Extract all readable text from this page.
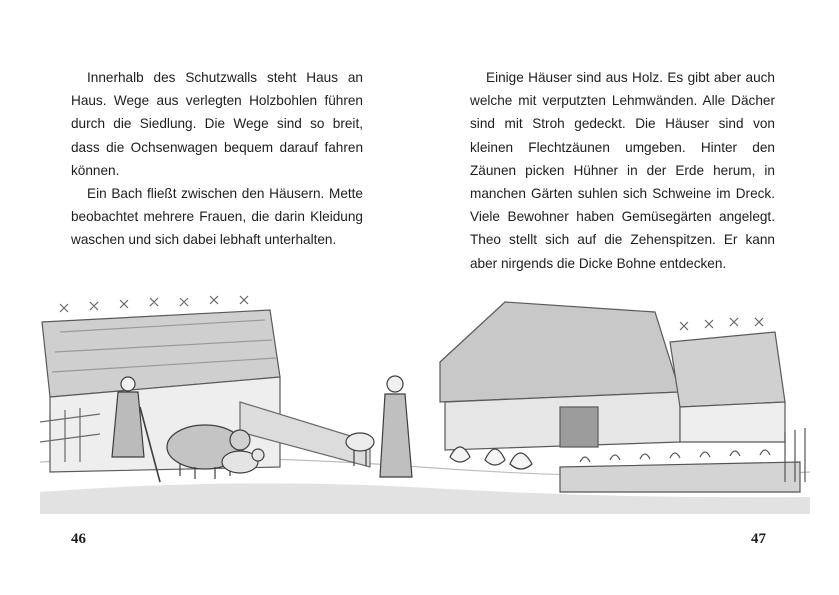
Innerhalb des Schutzwalls steht Haus an Haus. Wege aus verlegten Holzbohlen führen durch die Siedlung. Die Wege sind so breit, dass die Ochsenwagen bequem darauf fahren können.

Ein Bach fließt zwischen den Häusern. Mette beobachtet mehrere Frauen, die darin Kleidung waschen und sich dabei lebhaft unterhalten.

Einige Häuser sind aus Holz. Es gibt aber auch welche mit verputzten Lehmwänden. Alle Dächer sind mit Stroh gedeckt. Die Häuser sind von kleinen Flechtzäunen umgeben. Hinter den Zäunen picken Hühner in der Erde herum, in manchen Gärten suhlen sich Schweine im Dreck. Viele Bewohner haben Gemüsegärten angelegt. Theo stellt sich auf die Zehenspitzen. Er kann aber nirgends die Dicke Bohne entdecken.

46	47
